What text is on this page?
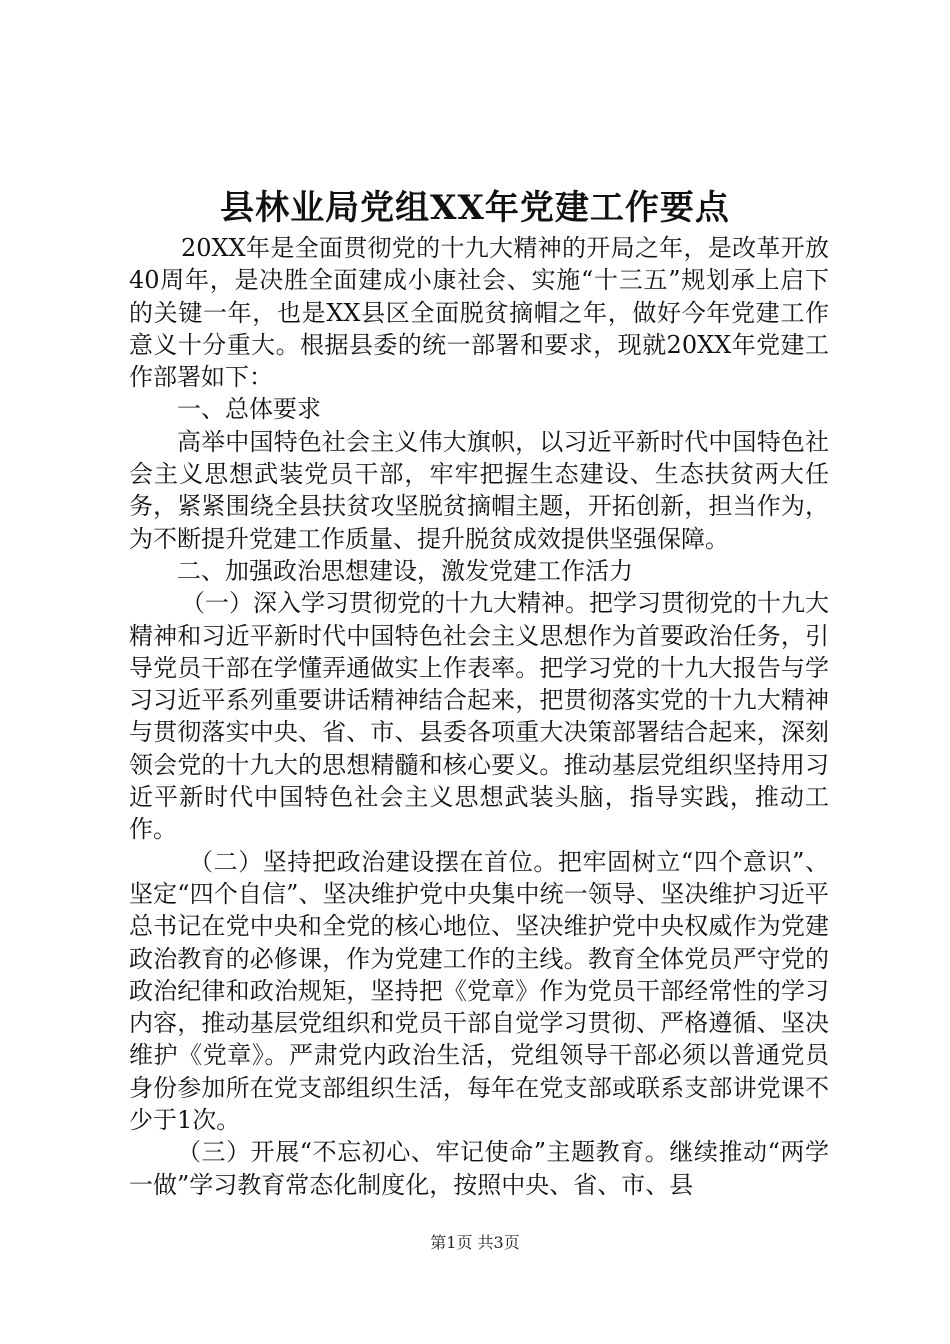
县林业局党组XX年党建工作要点

20XX年是全面贯彻党的十九大精神的开局之年，是改革开放40周年，是决胜全面建成小康社会、实施“十三五”规划承上启下的关键一年，也是XX县区全面脱贫摘帽之年，做好今年党建工作意义十分重大。根据县委的统一部署和要求，现就20XX年党建工作部署如下：

一、总体要求

高举中国特色社会主义伟大旗帜，以习近平新时代中国特色社会主义思想武装党员干部，牢牢把握生态建设、生态扶贫两大任务，紧紧围绕全县扶贫攻坚脱贫摘帽主题，开拓创新，担当作为，为不断提升党建工作质量、提升脱贫成效提供坚强保障。

二、加强政治思想建设，激发党建工作活力

（一）深入学习贯彻党的十九大精神。把学习贯彻党的十九大精神和习近平新时代中国特色社会主义思想作为首要政治任务，引导党员干部在学懂弄通做实上作表率。把学习党的十九大报告与学习习近平系列重要讲话精神结合起来，把贯彻落实党的十九大精神与贯彻落实中央、省、市、县委各项重大决策部署结合起来，深刻领会党的十九大的思想精髓和核心要义。推动基层党组织坚持用习近平新时代中国特色社会主义思想武装头脑，指导实践，推动工作。

（二）坚持把政治建设摆在首位。把牢固树立“四个意识”、坚定“四个自信”、坚决维护党中央集中统一领导、坚决维护习近平总书记在党中央和全党的核心地位、坚决维护党中央权威作为党建政治教育的必修课，作为党建工作的主线。教育全体党员严守党的政治纪律和政治规矩，坚持把《党章》作为党员干部经常性的学习内容，推动基层党组织和党员干部自觉学习贯彻、严格遵循、坚决维护《党章》。严肃党内政治生活，党组领导干部必须以普通党员身份参加所在党支部组织生活，每年在党支部或联系支部讲党课不少于1次。

（三）开展“不忘初心、牢记使命”主题教育。继续推动“两学一做”学习教育常态化制度化，按照中央、省、市、县

第1页 共3页
